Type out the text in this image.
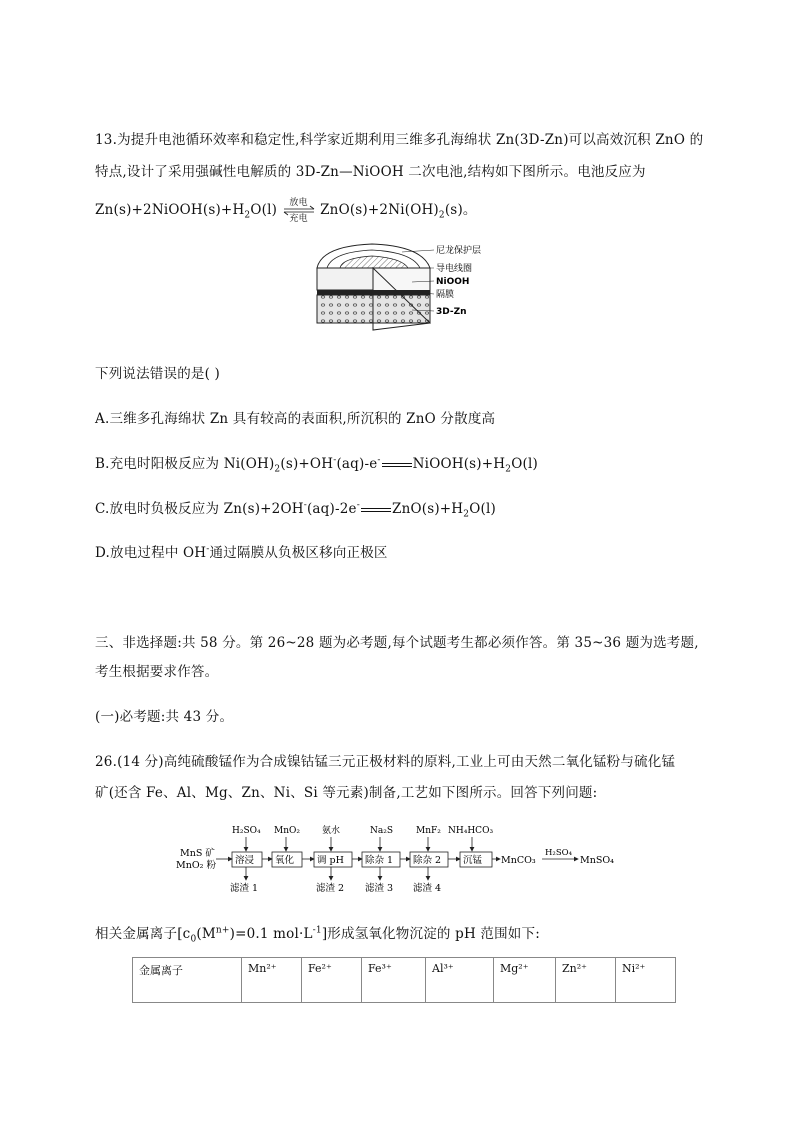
13.为提升电池循环效率和稳定性,科学家近期利用三维多孔海绵状 Zn(3D-Zn)可以高效沉积 ZnO 的
特点,设计了采用强碱性电解质的 3D-Zn—NiOOH 二次电池,结构如下图所示。电池反应为
$Zn(s)+2NiOOH(s)+H_2O(l)$	放电
充电
$ZnO(s)+2Ni(OH)_2(s)$。
尼龙保护层
导电线圈
NiOOH
隔膜
3D-Zn
下列说法错误的是( )
A.三维多孔海绵状 Zn 具有较高的表面积,所沉积的 ZnO 分散度高
B.充电时阳极反应为 $Ni(OH)_2(s)+OH^-(aq)-e^-$ $NiOOH(s)+H_2O(l)$
C.放电时负极反应为 Zn(s)+2OH-(aq)-2e- $ZnO(s)+H_2O(l)$
D.放电过程中 OH-通过隔膜从负极区移向正极区
三、非选择题:共 58 分。第 26~28 题为必考题,每个试题考生都必须作答。第 35~36 题为选考题,
考生根据要求作答。
(一)必考题:共 43 分。
26.(14 分)高纯硫酸锰作为合成镍钴锰三元正极材料的原料,工业上可由天然二氧化锰粉与硫化锰
矿(还含 Fe、Al、Mg、Zn、Ni、Si 等元素)制备,工艺如下图所示。回答下列问题:
MnS 矿
MnO₂ 粉
H₂SO₄ MnO₂ 氨水	Na₂S	MnF₂ NH₄HCO₃
溶浸 氧化 调 pH 除杂 1 除杂 2 沉锰 MnCO₃
H₂SO₄
MnSO₄
滤渣 1	滤渣 2 滤渣 3 滤渣 4
相关金属离子[$c_0(M^{n+})=0.1$ $mol\cdot L^{-1}$]形成氢氧化物沉淀的 pH 范围如下:
金属离子	Mn²⁺	Fe²⁺	Fe³⁺	Al³⁺	Mg²⁺	Zn²⁺	Ni²⁺
